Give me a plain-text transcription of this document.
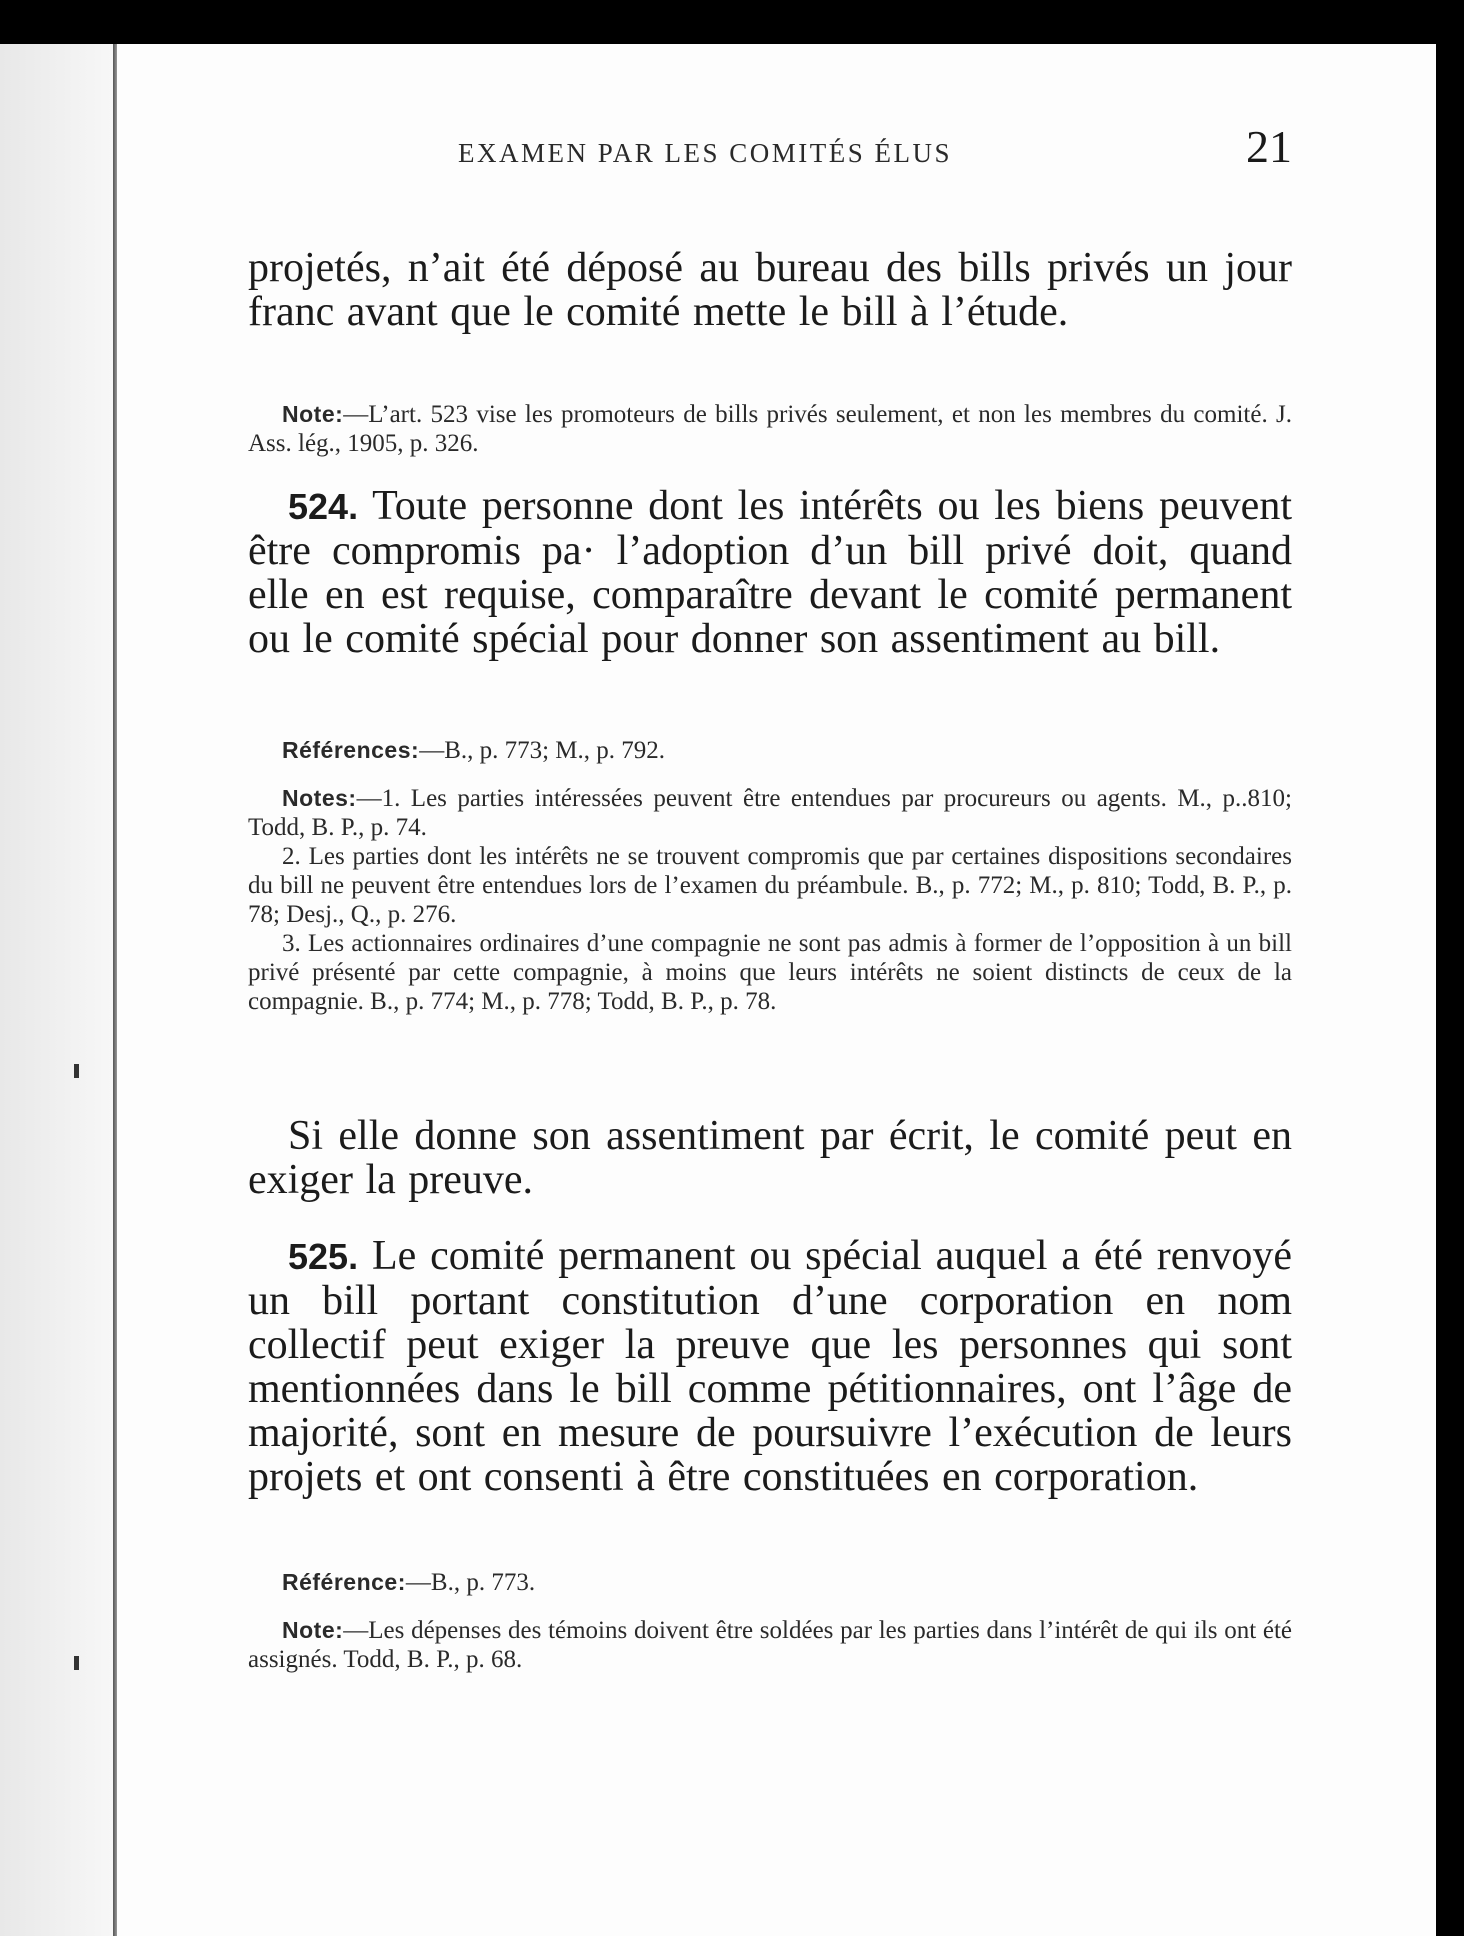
EXAMEN PAR LES COMITÉS ÉLUS	21

projetés, n’ait été déposé au bureau des bills privés un jour franc avant que le comité mette le bill à l’étude.

Note:—L’art. 523 vise les promoteurs de bills privés seulement, et non les membres du comité. J. Ass. lég., 1905, p. 326.

524. Toute personne dont les intérêts ou les biens peuvent être compromis pa· l’adoption d’un bill privé doit, quand elle en est requise, comparaître devant le comité permanent ou le comité spécial pour donner son assentiment au bill.

Références:—B., p. 773; M., p. 792.

Notes:—1. Les parties intéressées peuvent être entendues par procureurs ou agents. M., p..810; Todd, B. P., p. 74.

2. Les parties dont les intérêts ne se trouvent compromis que par certaines dispositions secondaires du bill ne peuvent être entendues lors de l’examen du préambule. B., p. 772; M., p. 810; Todd, B. P., p. 78; Desj., Q., p. 276.

3. Les actionnaires ordinaires d’une compagnie ne sont pas admis à former de l’opposition à un bill privé présenté par cette compagnie, à moins que leurs intérêts ne soient distincts de ceux de la compagnie. B., p. 774; M., p. 778; Todd, B. P., p. 78.

Si elle donne son assentiment par écrit, le comité peut en exiger la preuve.

525. Le comité permanent ou spécial auquel a été renvoyé un bill portant constitution d’une corporation en nom collectif peut exiger la preuve que les personnes qui sont mentionnées dans le bill comme pétitionnaires, ont l’âge de majorité, sont en mesure de poursuivre l’exécution de leurs projets et ont consenti à être constituées en corporation.

Référence:—B., p. 773.

Note:—Les dépenses des témoins doivent être soldées par les parties dans l’intérêt de qui ils ont été assignés. Todd, B. P., p. 68.
